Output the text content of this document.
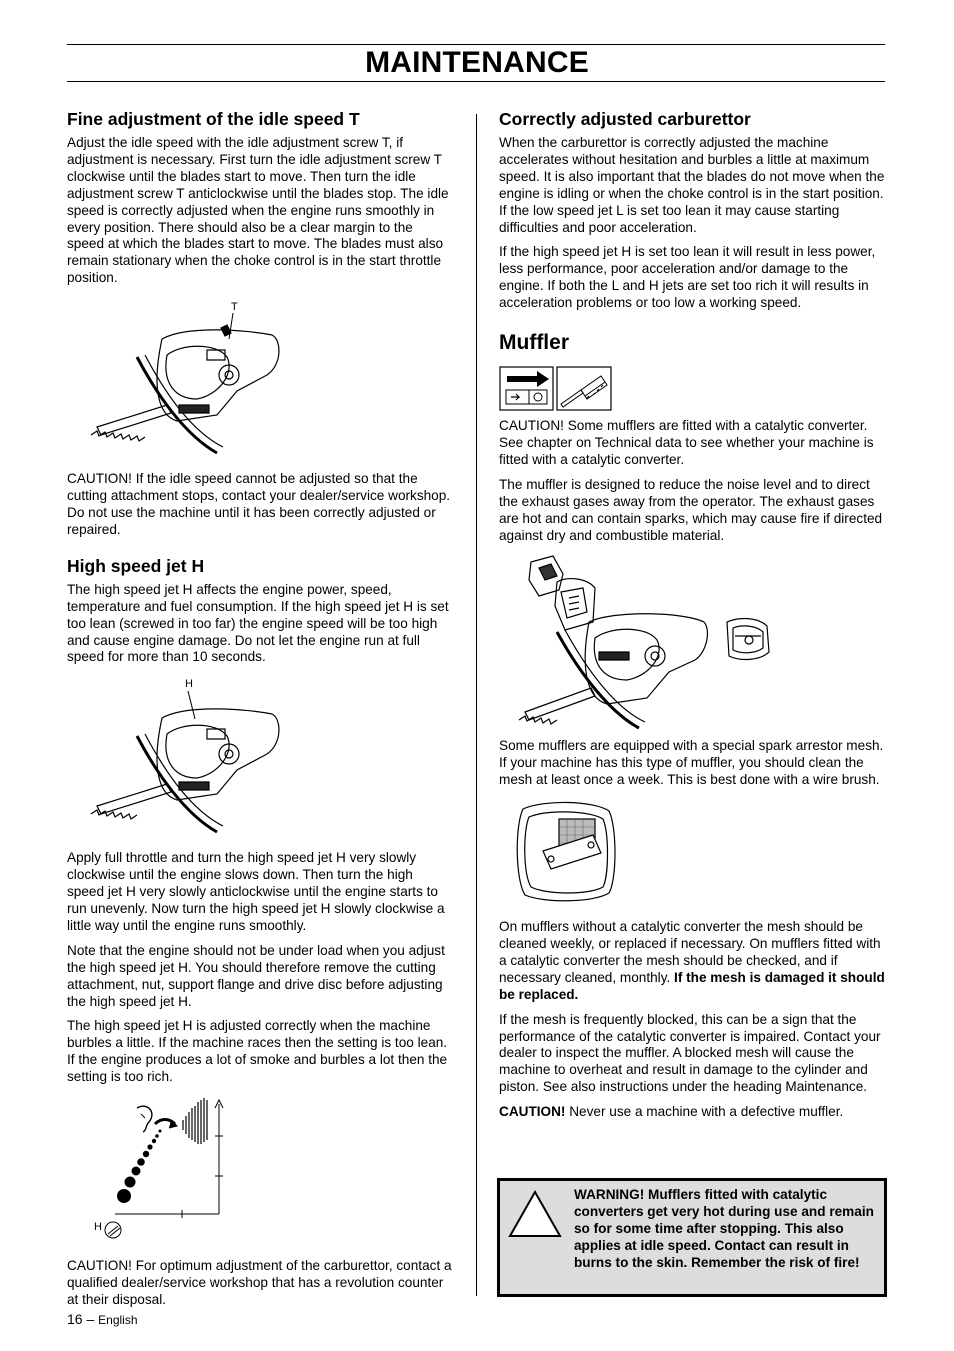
MAINTENANCE
Fine adjustment of the idle speed T

Adjust the idle speed with the idle adjustment screw T, if adjustment is necessary. First turn the idle adjustment screw T clockwise until the blades start to move. Then turn the idle adjustment screw T anticlockwise until the blades stop. The idle speed is correctly adjusted when the engine runs smoothly in every position. There should also be a clear margin to the speed at which the blades start to move. The blades must also remain stationary when the choke control is in the start throttle position.

T

CAUTION! If the idle speed cannot be adjusted so that the cutting attachment stops, contact your dealer/service workshop. Do not use the machine until it has been correctly adjusted or repaired.

High speed jet H

The high speed jet H affects the engine power, speed, temperature and fuel consumption. If the high speed jet H is set too lean (screwed in too far) the engine speed will be too high and cause engine damage. Do not let the engine run at full speed for more than 10 seconds.

H

Apply full throttle and turn the high speed jet H very slowly clockwise until the engine slows down. Then turn the high speed jet H very slowly anticlockwise until the engine starts to run unevenly. Now turn the high speed jet H slowly clockwise a little way until the engine runs smoothly.

Note that the engine should not be under load when you adjust the high speed jet H. You should therefore remove the cutting attachment, nut, support flange and drive disc before adjusting the high speed jet H.

The high speed jet H is adjusted correctly when the machine burbles a little. If the machine races then the setting is too lean. If the engine produces a lot of smoke and burbles a lot then the setting is too rich.

H

CAUTION! For optimum adjustment of the carburettor, contact a qualified dealer/service workshop that has a revolution counter at their disposal.

Correctly adjusted carburettor

When the carburettor is correctly adjusted the machine accelerates without hesitation and burbles a little at maximum speed. It is also important that the blades do not move when the engine is idling or when the choke control is in the start position. If the low speed jet L is set too lean it may cause starting difficulties and poor acceleration.

If the high speed jet H is set too lean it will result in less power, less performance, poor acceleration and/or damage to the engine. If both the L and H jets are set too rich it will results in acceleration problems or too low a working speed.

Muffler

CAUTION! Some mufflers are fitted with a catalytic converter. See chapter on Technical data to see whether your machine is fitted with a catalytic converter.

The muffler is designed to reduce the noise level and to direct the exhaust gases away from the operator. The exhaust gases are hot and can contain sparks, which may cause fire if directed against dry and combustible material.

Some mufflers are equipped with a special spark arrestor mesh. If your machine has this type of muffler, you should clean the mesh at least once a week. This is best done with a wire brush.

On mufflers without a catalytic converter the mesh should be cleaned weekly, or replaced if necessary. On mufflers fitted with a catalytic converter the mesh should be checked, and if necessary cleaned, monthly. If the mesh is damaged it should be replaced.

If the mesh is frequently blocked, this can be a sign that the performance of the catalytic converter is impaired. Contact your dealer to inspect the muffler. A blocked mesh will cause the machine to overheat and result in damage to the cylinder and piston. See also instructions under the heading Maintenance.

CAUTION! Never use a machine with a defective muffler.

WARNING! Mufflers fitted with catalytic converters get very hot during use and remain so for some time after stopping. This also applies at idle speed. Contact can result in burns to the skin. Remember the risk of fire!
16 – English
